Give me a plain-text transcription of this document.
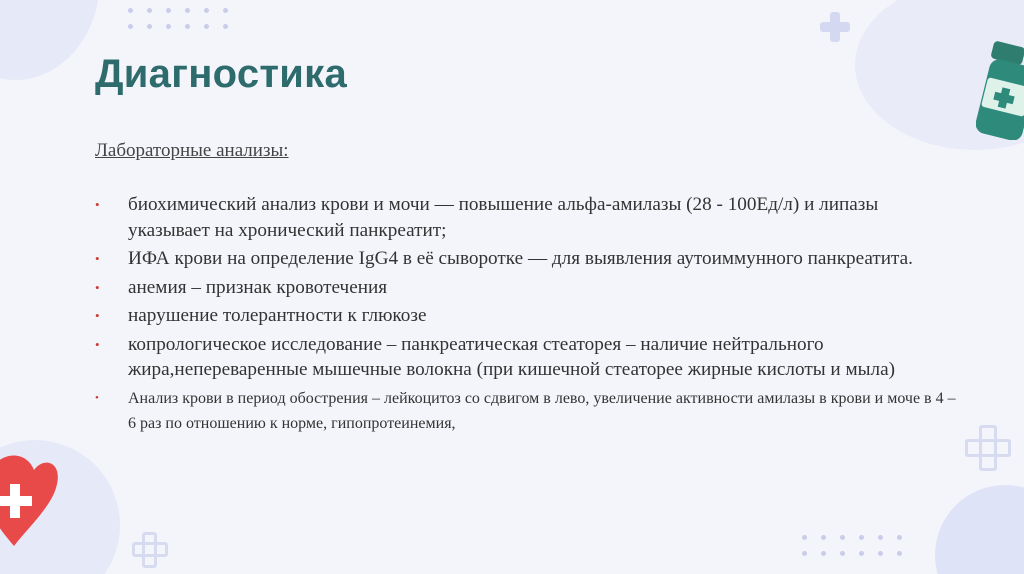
Диагностика
Лабораторные анализы:
• биохимический анализ крови и мочи — повышение альфа-амилазы (28 - 100Ед/л) и липазы указывает на хронический панкреатит;
• ИФА крови на определение IgG4 в её сыворотке — для выявления аутоиммунного панкреатита.
• анемия – признак кровотечения
• нарушение толерантности к глюкозе
• копрологическое исследование – панкреатическая стеатоpея – наличие нейтрального жира,непереваренные мышечные волокна (при кишечной стеатоpее жирные кислоты и мыла)
• Анализ крови в период обострения – лейкоцитоз со сдвигом в лево, увеличение активности амилазы в крови и моче в 4 – 6 раз по отношению к норме, гипопротеинемия,
